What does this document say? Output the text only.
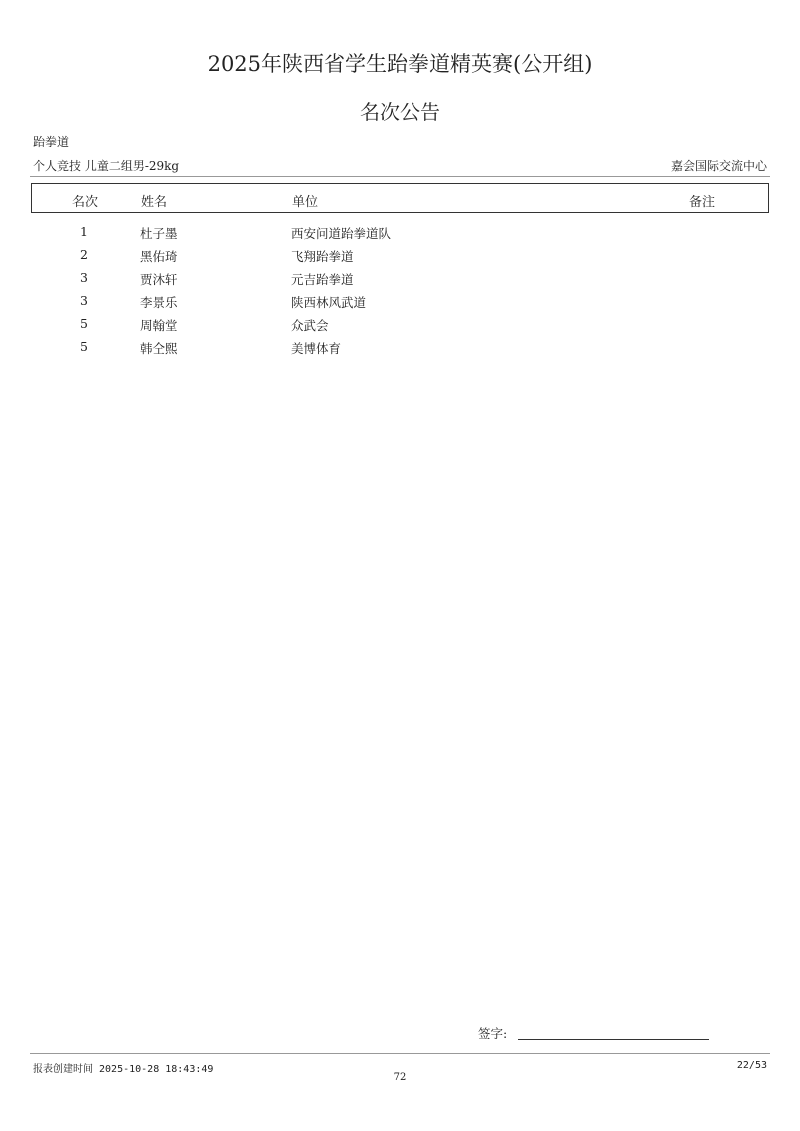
2025年陕西省学生跆拳道精英赛(公开组)
名次公告
跆拳道
个人竞技 儿童二组男-29kg	嘉会国际交流中心
名次	姓名	单位	备注
1	杜子墨	西安问道跆拳道队
2	黑佑琦	飞翔跆拳道
3	贾沐轩	元吉跆拳道
3	李景乐	陕西林风武道
5	周翰堂	众武会
5	韩仝熙	美博体育
签字:
报表创建时间 2025-10-28 18:43:49	22/53
72
